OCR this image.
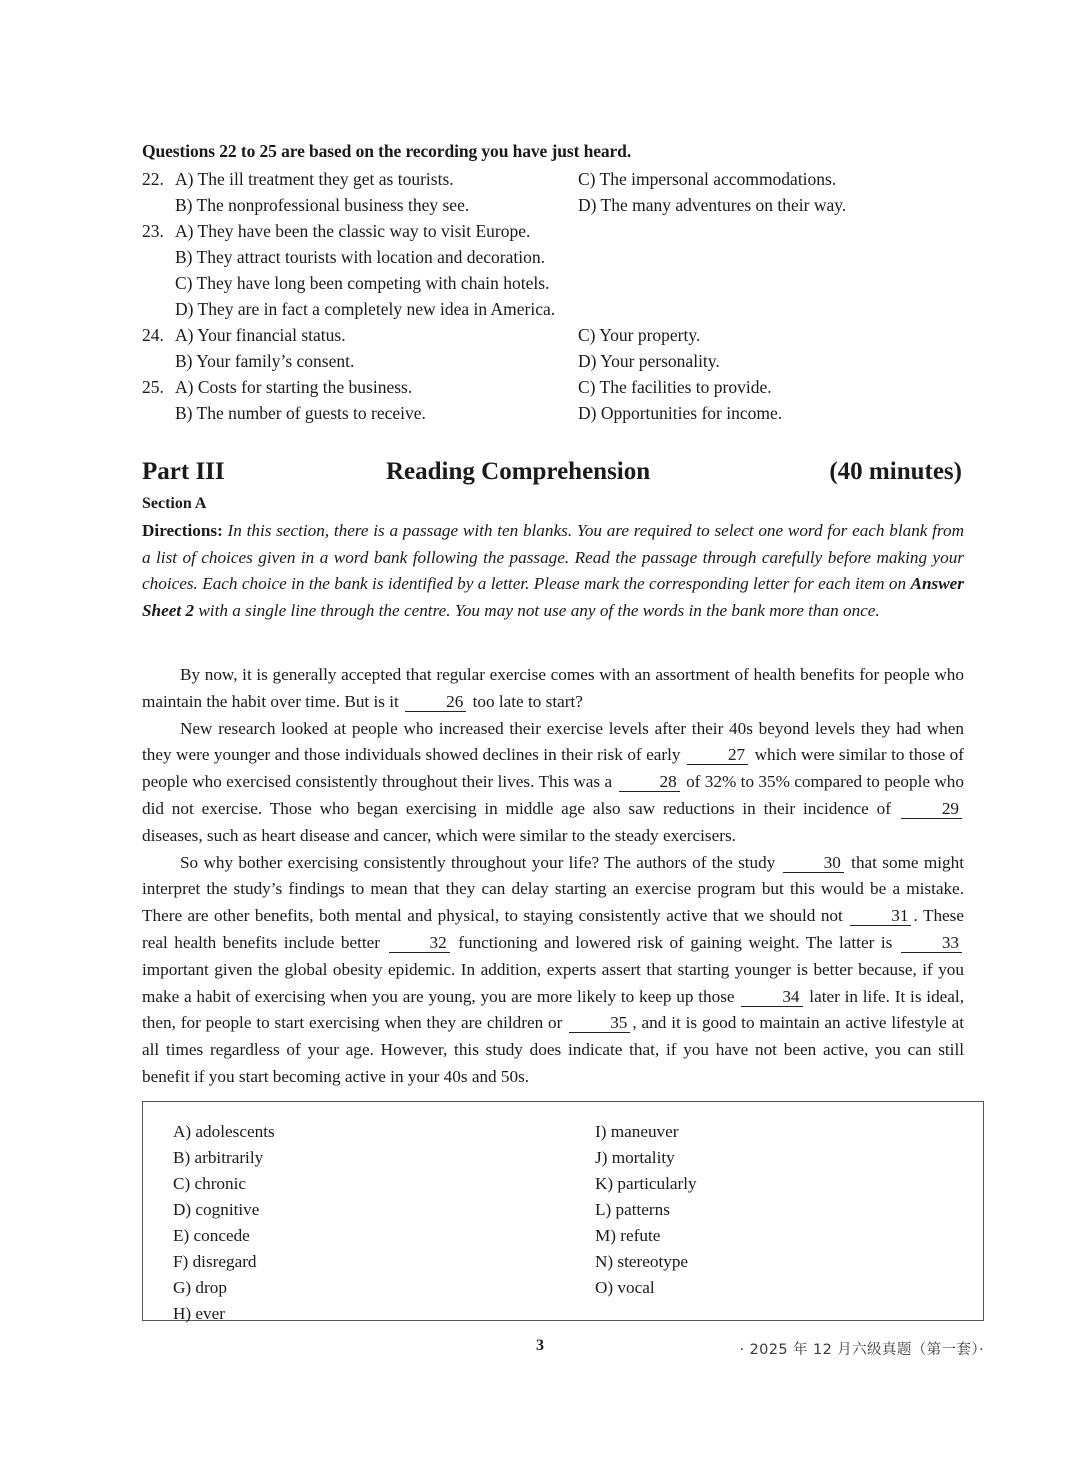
Questions 22 to 25 are based on the recording you have just heard.
22. A) The ill treatment they get as tourists.	C) The impersonal accommodations.
B) The nonprofessional business they see.	D) The many adventures on their way.
23. A) They have been the classic way to visit Europe.
B) They attract tourists with location and decoration.
C) They have long been competing with chain hotels.
D) They are in fact a completely new idea in America.
24. A) Your financial status.	C) Your property.
B) Your family’s consent.	D) Your personality.
25. A) Costs for starting the business.	C) The facilities to provide.
B) The number of guests to receive.	D) Opportunities for income.
Part III	Reading Comprehension	(40 minutes)
Section A
Directions: In this section, there is a passage with ten blanks. You are required to select one word for each blank from a list of choices given in a word bank following the passage. Read the passage through carefully before making your choices. Each choice in the bank is identified by a letter. Please mark the corresponding letter for each item on Answer Sheet 2 with a single line through the centre. You may not use any of the words in the bank more than once.

By now, it is generally accepted that regular exercise comes with an assortment of health benefits for people who maintain the habit over time. But is it	26 too late to start?

New research looked at people who increased their exercise levels after their 40s beyond levels they had when they were younger and those individuals showed declines in their risk of early	27 which were similar to those of people who exercised consistently throughout their lives. This was a	28 of 32% to 35% compared to people who did not exercise. Those who began exercising in middle age also saw reductions in their incidence of	29 diseases, such as heart disease and cancer, which were similar to the steady exercisers.

So why bother exercising consistently throughout your life? The authors of the study	30 that some might interpret the study’s findings to mean that they can delay starting an exercise program but this would be a mistake. There are other benefits, both mental and physical, to staying consistently active that we should not	31 . These real health benefits include better	32 functioning and lowered risk of gaining weight. The latter is	33 important given the global obesity epidemic. In addition, experts assert that starting younger is better because, if you make a habit of exercising when you are young, you are more likely to keep up those	34 later in life. It is ideal, then, for people to start exercising when they are children or	35 , and it is good to maintain an active lifestyle at all times regardless of your age. However, this study does indicate that, if you have not been active, you can still benefit if you start becoming active in your 40s and 50s.

A) adolescents
B) arbitrarily
C) chronic
D) cognitive
E) concede
F) disregard
G) drop
H) ever
I) maneuver
J) mortality
K) particularly
L) patterns
M) refute
N) stereotype
O) vocal
3	· 2025 年 12 月六级真题（第一套）·
